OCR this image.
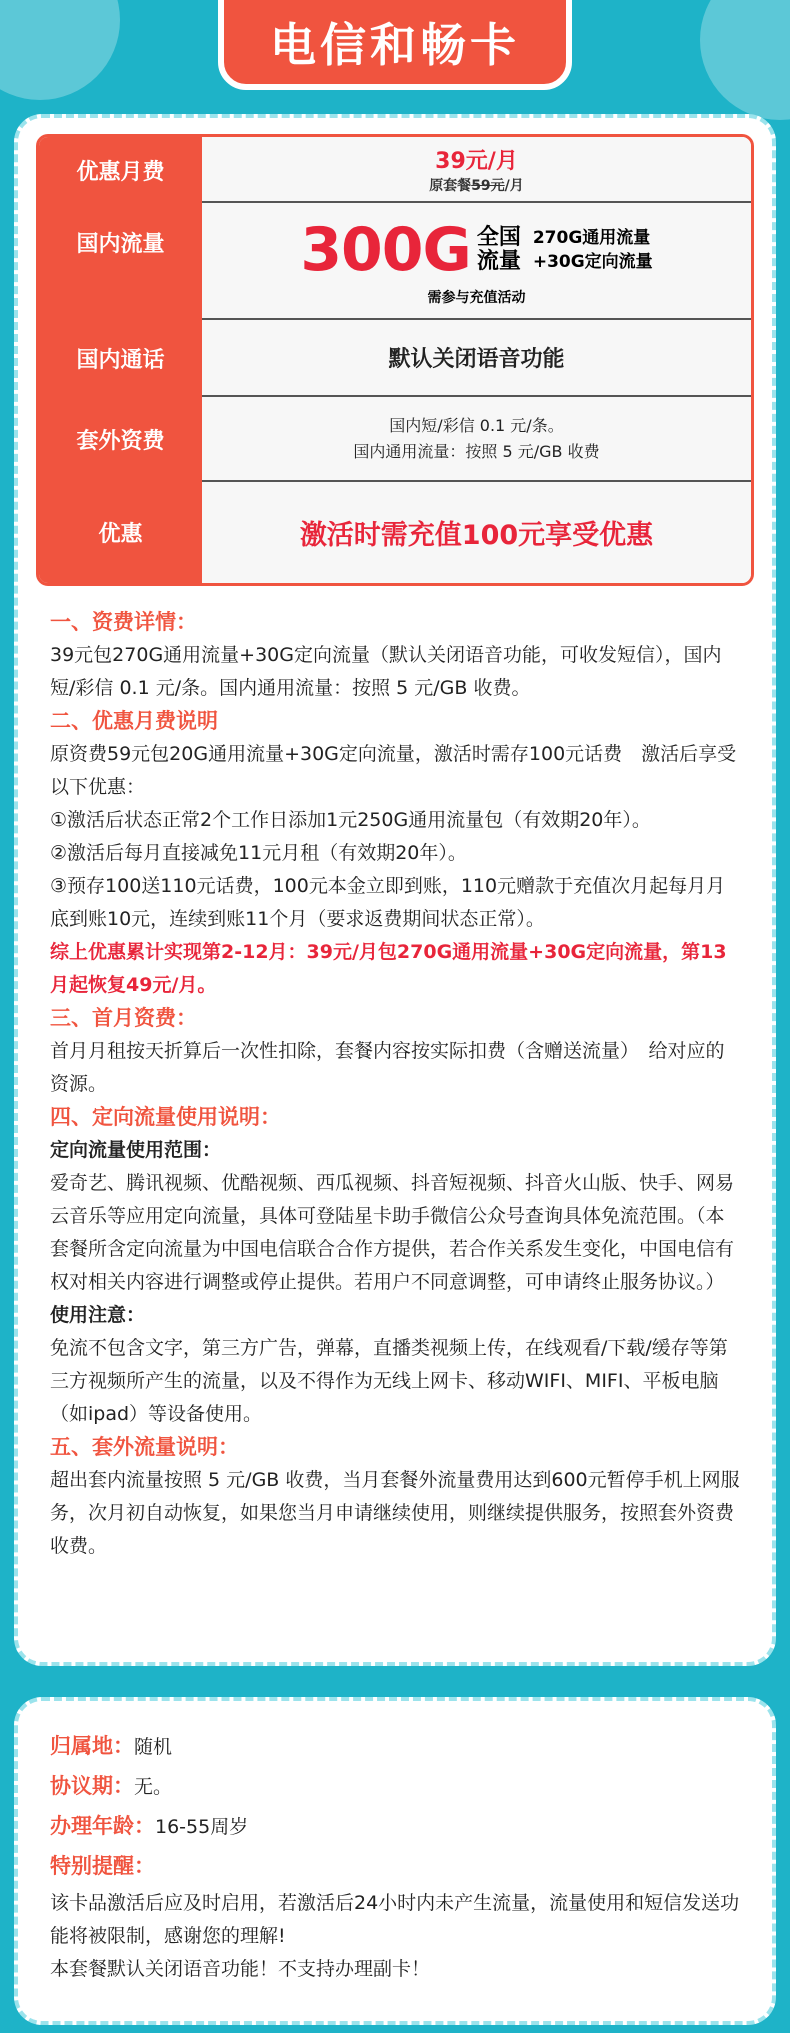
电信和畅卡
优惠月费	39元/月
原套餐59元/月
国内流量	300G 全国
流量
270G通用流量
+30G定向流量
需参与充值活动
国内通话	默认关闭语音功能
套外资费
国内短/彩信 0.1 元/条。
国内通用流量：按照 5 元/GB 收费
优惠	激活时需充值100元享受优惠

一、资费详情：

39元包270G通用流量+30G定向流量（默认关闭语音功能，可收发短信），国内短/彩信 0.1 元/条。国内通用流量：按照 5 元/GB 收费。

二、优惠月费说明

原资费59元包20G通用流量+30G定向流量，激活时需存100元话费　激活后享受以下优惠：

①激活后状态正常2个工作日添加1元250G通用流量包（有效期20年）。

②激活后每月直接减免11元月租（有效期20年）。

③预存100送110元话费，100元本金立即到账，110元赠款于充值次月起每月月底到账10元，连续到账11个月（要求返费期间状态正常）。

综上优惠累计实现第2-12月：39元/月包270G通用流量+30G定向流量，第13月起恢复49元/月。

三、首月资费：

首月月租按天折算后一次性扣除，套餐内容按实际扣费（含赠送流量）　给对应的资源。

四、定向流量使用说明：

定向流量使用范围：

爱奇艺、腾讯视频、优酷视频、西瓜视频、抖音短视频、抖音火山版、快手、网易云音乐等应用定向流量，具体可登陆星卡助手微信公众号查询具体免流范围。（本套餐所含定向流量为中国电信联合合作方提供，若合作关系发生变化，中国电信有权对相关内容进行调整或停止提供。若用户不同意调整，可申请终止服务协议。）

使用注意：

免流不包含文字，第三方广告，弹幕，直播类视频上传，在线观看/下载/缓存等第三方视频所产生的流量，以及不得作为无线上网卡、移动WIFI、MIFI、平板电脑（如ipad）等设备使用。

五、套外流量说明：

超出套内流量按照 5 元/GB 收费，当月套餐外流量费用达到600元暂停手机上网服务，次月初自动恢复，如果您当月申请继续使用，则继续提供服务，按照套外资费收费。

归属地：随机

协议期：无。

办理年龄：16-55周岁

特别提醒：

该卡品激活后应及时启用，若激活后24小时内未产生流量，流量使用和短信发送功能将被限制，感谢您的理解!

本套餐默认关闭语音功能！不支持办理副卡！
